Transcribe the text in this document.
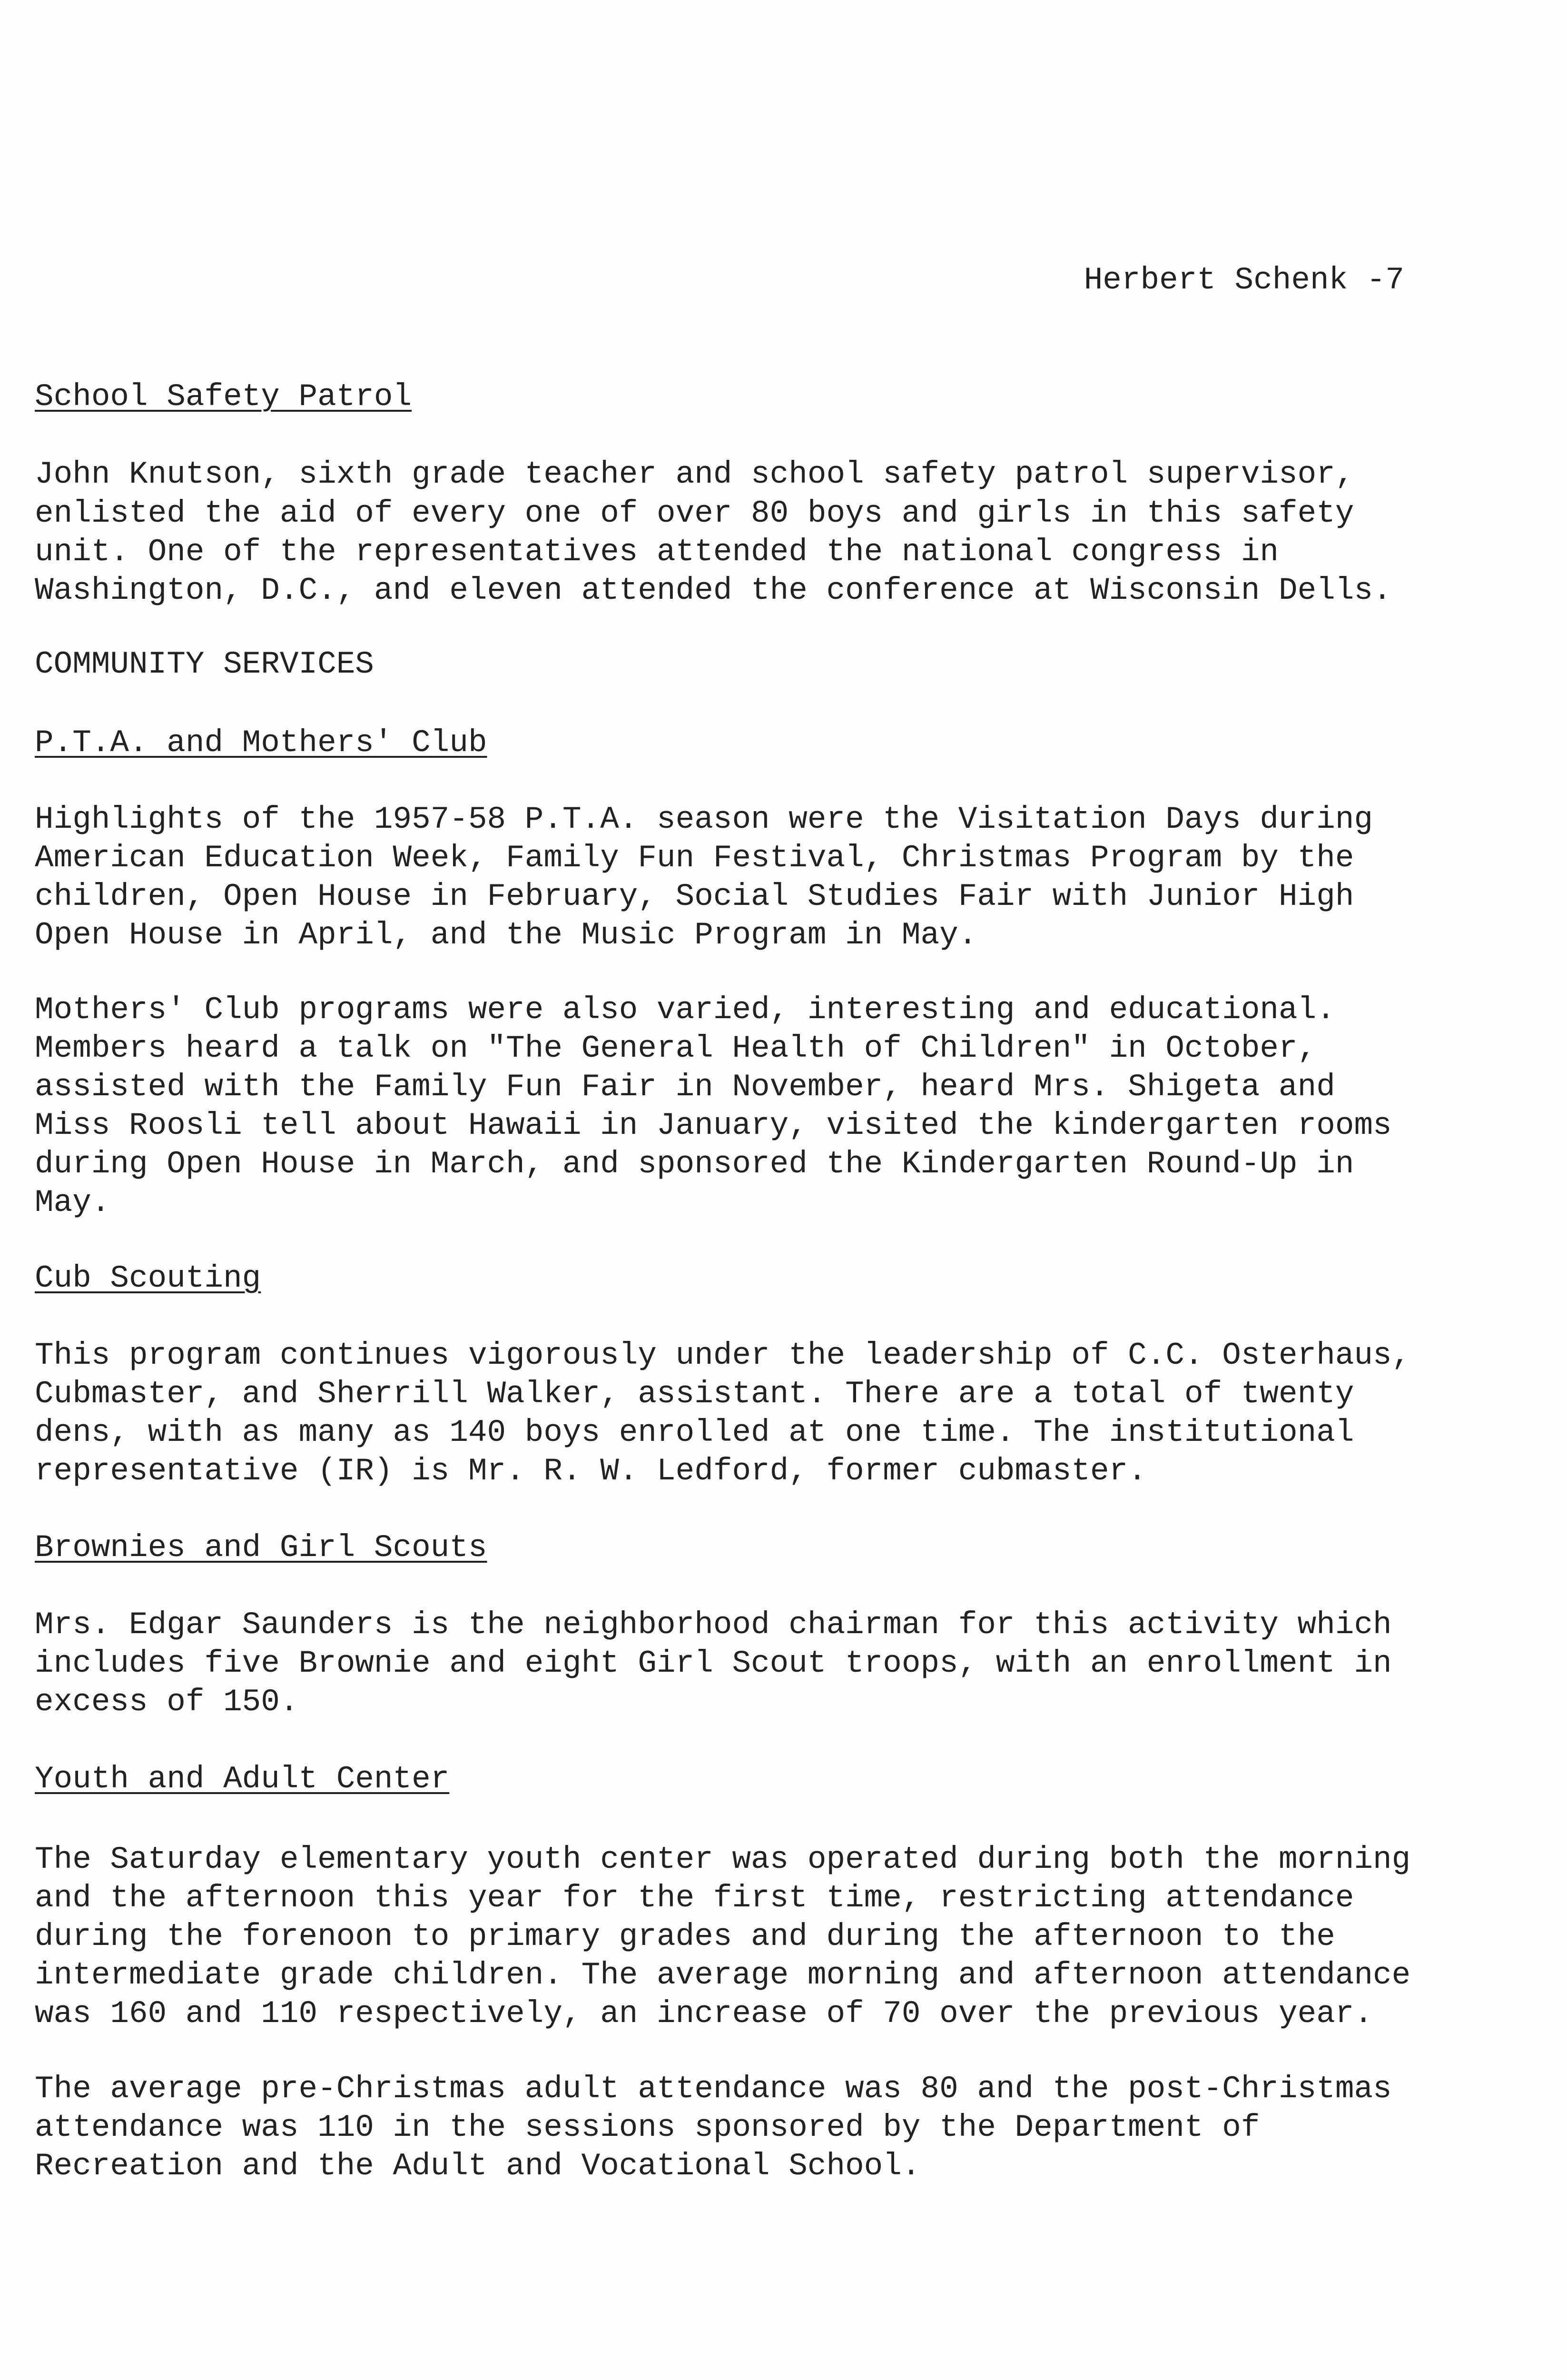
Herbert Schenk -7
School Safety Patrol
John Knutson, sixth grade teacher and school safety patrol supervisor,
enlisted the aid of every one of over 80 boys and girls in this safety
unit. One of the representatives attended the national congress in
Washington, D.C., and eleven attended the conference at Wisconsin Dells.
COMMUNITY SERVICES
P.T.A. and Mothers' Club
Highlights of the 1957-58 P.T.A. season were the Visitation Days during
American Education Week, Family Fun Festival, Christmas Program by the
children, Open House in February, Social Studies Fair with Junior High
Open House in April, and the Music Program in May.
Mothers' Club programs were also varied, interesting and educational.
Members heard a talk on "The General Health of Children" in October,
assisted with the Family Fun Fair in November, heard Mrs. Shigeta and
Miss Roosli tell about Hawaii in January, visited the kindergarten rooms
during Open House in March, and sponsored the Kindergarten Round-Up in
May.
Cub Scouting
This program continues vigorously under the leadership of C.C. Osterhaus,
Cubmaster, and Sherrill Walker, assistant. There are a total of twenty
dens, with as many as 140 boys enrolled at one time. The institutional
representative (IR) is Mr. R. W. Ledford, former cubmaster.
Brownies and Girl Scouts
Mrs. Edgar Saunders is the neighborhood chairman for this activity which
includes five Brownie and eight Girl Scout troops, with an enrollment in
excess of 150.
Youth and Adult Center
The Saturday elementary youth center was operated during both the morning
and the afternoon this year for the first time, restricting attendance
during the forenoon to primary grades and during the afternoon to the
intermediate grade children. The average morning and afternoon attendance
was 160 and 110 respectively, an increase of 70 over the previous year.
The average pre-Christmas adult attendance was 80 and the post-Christmas
attendance was 110 in the sessions sponsored by the Department of
Recreation and the Adult and Vocational School.
